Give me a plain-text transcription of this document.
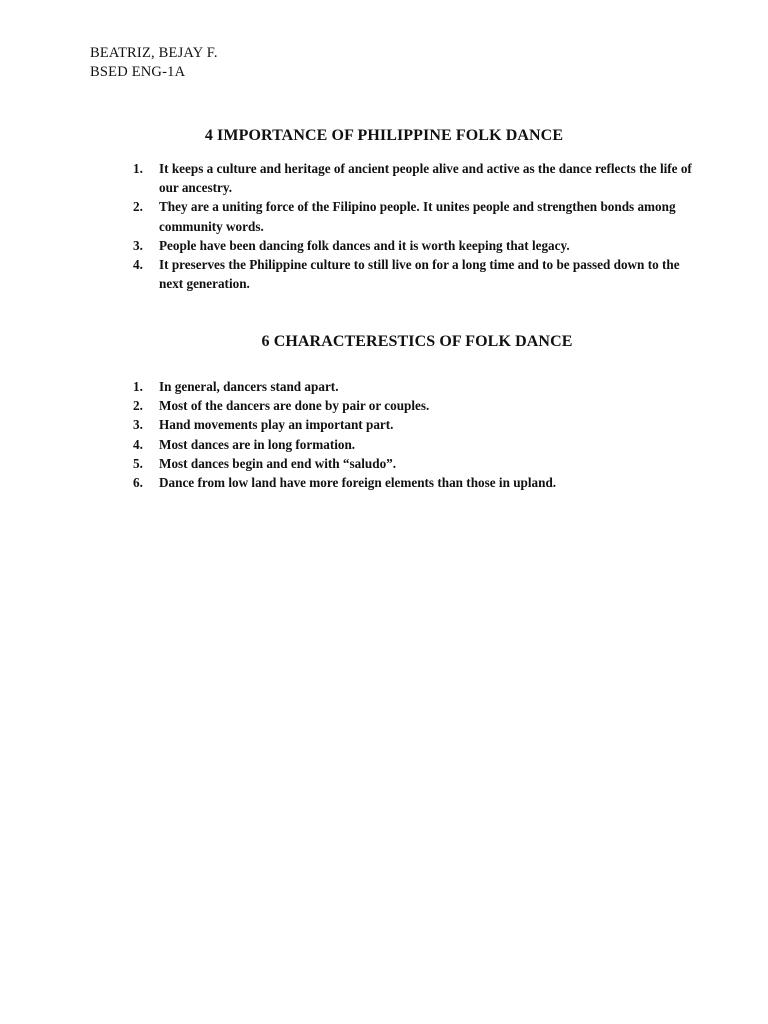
BEATRIZ, BEJAY F.
BSED ENG-1A
4 IMPORTANCE OF PHILIPPINE FOLK DANCE
1. It keeps a culture and heritage of ancient people alive and active as the dance reflects the life of our ancestry.
2. They are a uniting force of the Filipino people. It unites people and strengthen bonds among community words.
3. People have been dancing folk dances and it is worth keeping that legacy.
4. It preserves the Philippine culture to still live on for a long time and to be passed down to the next generation.
6 CHARACTERESTICS OF FOLK DANCE
1. In general, dancers stand apart.
2. Most of the dancers are done by pair or couples.
3. Hand movements play an important part.
4. Most dances are in long formation.
5. Most dances begin and end with “saludo”.
6. Dance from low land have more foreign elements than those in upland.
